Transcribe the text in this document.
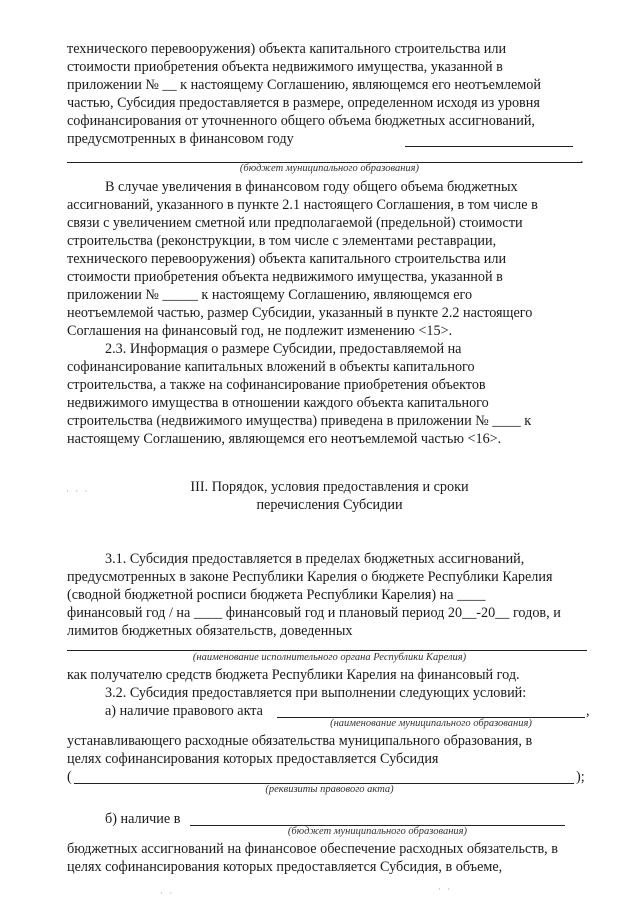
технического перевооружения) объекта капитального строительства или
стоимости приобретения объекта недвижимого имущества, указанной в
приложении № __ к настоящему Соглашению, являющемся его неотъемлемой
частью, Субсидия предоставляется в размере, определенном исходя из уровня
софинансирования от уточненного общего объема бюджетных ассигнований,
предусмотренных в финансовом году
.
(бюджет муниципального образования)
В случае увеличения в финансовом году общего объема бюджетных
ассигнований, указанного в пункте 2.1 настоящего Соглашения, в том числе в
связи с увеличением сметной или предполагаемой (предельной) стоимости
строительства (реконструкции, в том числе с элементами реставрации,
технического перевооружения) объекта капитального строительства или
стоимости приобретения объекта недвижимого имущества, указанной в
приложении № _____ к настоящему Соглашению, являющемся его
неотъемлемой частью, размер Субсидии, указанный в пункте 2.2 настоящего
Соглашения на финансовый год, не подлежит изменению <15>.
2.3. Информация о размере Субсидии, предоставляемой на
софинансирование капитальных вложений в объекты капитального
строительства, а также на софинансирование приобретения объектов
недвижимого имущества в отношении каждого объекта капитального
строительства (недвижимого имущества) приведена в приложении № ____ к
настоящему Соглашению, являющемся его неотъемлемой частью <16>.
· · ·
· ·	· ·
III. Порядок, условия предоставления и сроки
перечисления Субсидии
3.1. Субсидия предоставляется в пределах бюджетных ассигнований,
предусмотренных в законе Республики Карелия о бюджете Республики Карелия
(сводной бюджетной росписи бюджета Республики Карелия) на ____
финансовый год / на ____ финансовый год и плановый период 20__-20__ годов, и
лимитов бюджетных обязательств, доведенных
(наименование исполнительного органа Республики Карелия)
как получателю средств бюджета Республики Карелия на финансовый год.
3.2. Субсидия предоставляется при выполнении следующих условий:
а) наличие правового акта	,
(наименование муниципального образования)
устанавливающего расходные обязательства муниципального образования, в
целях софинансирования которых предоставляется Субсидия
(	);
(реквизиты правового акта)
б) наличие в
(бюджет муниципального образования)
бюджетных ассигнований на финансовое обеспечение расходных обязательств, в
целях софинансирования которых предоставляется Субсидия, в объеме,
